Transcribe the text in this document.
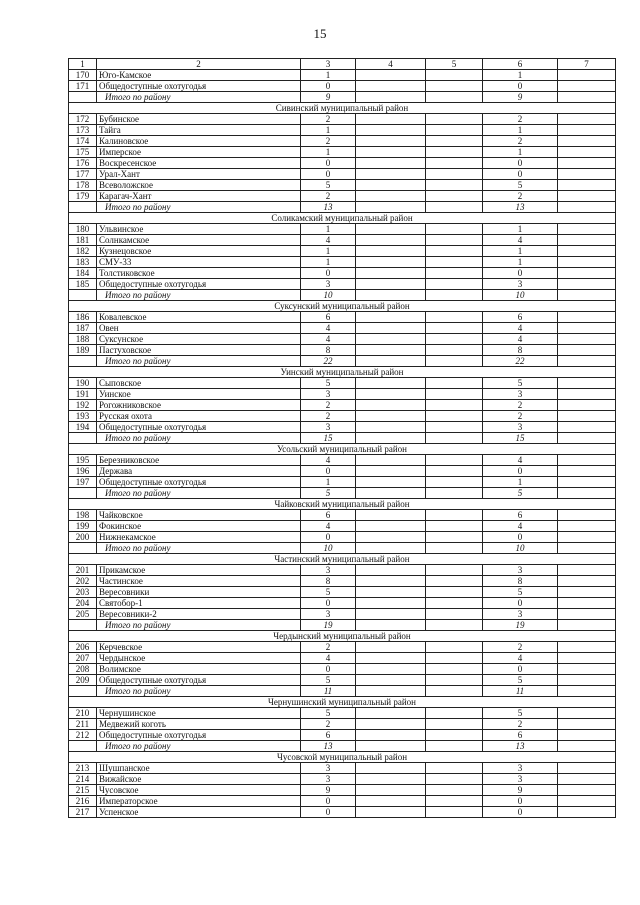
15
1	2	3	4	5	6	7
170	Юго-Камское	1			1	
171	Общедоступные охотугодья	0			0	
	Итого по району	9			9	
Сивинский муниципальный район						
172	Бубинское	2			2	
173	Тайга	1			1	
174	Калиновское	2			2	
175	Имперское	1			1	
176	Воскресенское	0			0	
177	Урал-Хант	0			0	
178	Всеволожское	5			5	
179	Карагач-Хант	2			2	
	Итого по району	13			13	
Соликамский муниципальный район						
180	Ульвинское	1			1	
181	Солнкамское	4			4	
182	Кузнецовское	1			1	
183	СМУ-33	1			1	
184	Толстиковское	0			0	
185	Общедоступные охотугодья	3			3	
	Итого по району	10			10	
Суксунский муниципальный район						
186	Ковалевское	6			6	
187	Овен	4			4	
188	Суксунское	4			4	
189	Пастуховское	8			8	
	Итого по району	22			22	
Уинский муниципальный район						
190	Сыповское	5			5	
191	Уинское	3			3	
192	Рогожниковское	2			2	
193	Русская охота	2			2	
194	Общедоступные охотугодья	3			3	
	Итого по району	15			15	
Усольский муниципальный район						
195	Березниковское	4			4	
196	Держава	0			0	
197	Общедоступные охотугодья	1			1	
	Итого по району	5			5	
Чайковский муниципальный район						
198	Чайковское	6			6	
199	Фокинское	4			4	
200	Нижнекамское	0			0	
	Итого по району	10			10	
Частинский муниципальный район						
201	Прикамское	3			3	
202	Частинское	8			8	
203	Вересовники	5			5	
204	Святобор-1	0			0	
205	Вересовники-2	3			3	
	Итого по району	19			19	
Чердынский муниципальный район						
206	Керчевское	2			2	
207	Чердынское	4			4	
208	Волимское	0			0	
209	Общедоступные охотугодья	5			5	
	Итого по району	11			11	
Чернушинский муниципальный район						
210	Чернушинское	5			5	
211	Медвежий коготь	2			2	
212	Общедоступные охотугодья	6			6	
	Итого по району	13			13	
Чусовской муниципальный район						
213	Шушпанское	3			3	
214	Вижайское	3			3	
215	Чусовское	9			9	
216	Императорское	0			0	
217	Успенское	0			0	
